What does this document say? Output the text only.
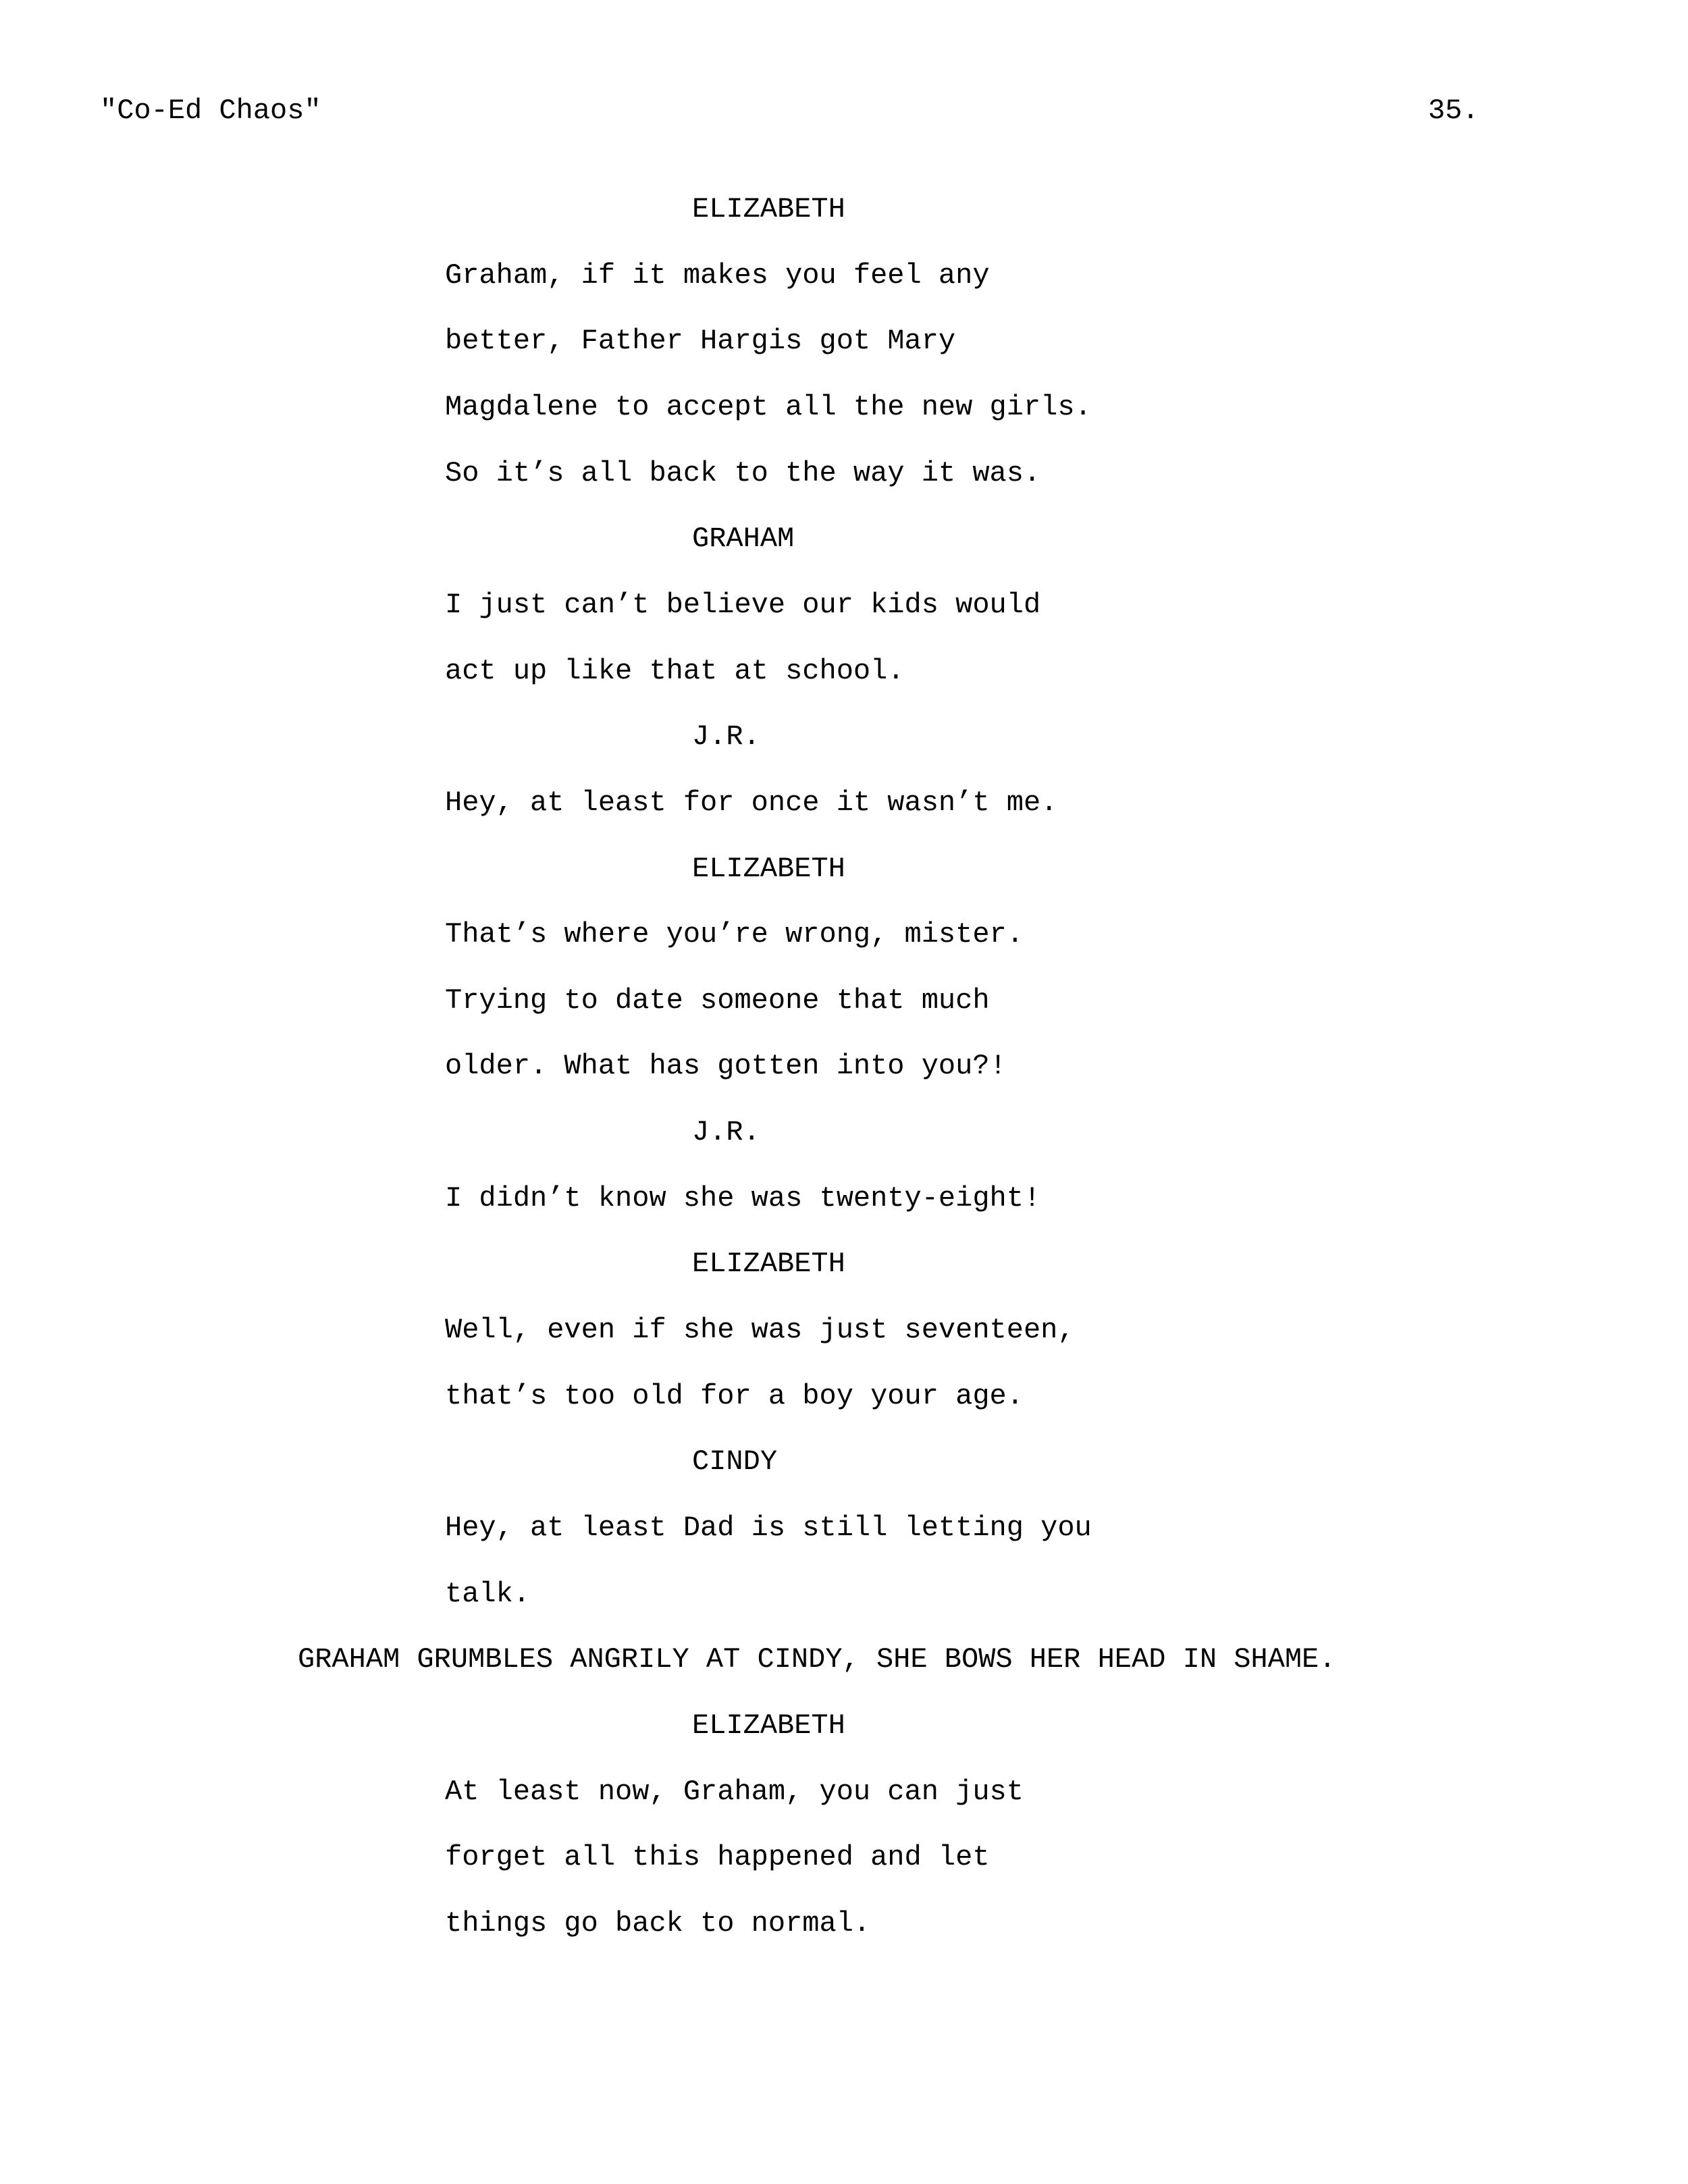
"Co-Ed Chaos"	35.
ELIZABETH
Graham, if it makes you feel any
better, Father Hargis got Mary
Magdalene to accept all the new girls.
So it’s all back to the way it was.
GRAHAM
I just can’t believe our kids would
act up like that at school.
J.R.
Hey, at least for once it wasn’t me.
ELIZABETH
That’s where you’re wrong, mister.
Trying to date someone that much
older. What has gotten into you?!
J.R.
I didn’t know she was twenty-eight!
ELIZABETH
Well, even if she was just seventeen,
that’s too old for a boy your age.
CINDY
Hey, at least Dad is still letting you
talk.
GRAHAM GRUMBLES ANGRILY AT CINDY, SHE BOWS HER HEAD IN SHAME.
ELIZABETH
At least now, Graham, you can just
forget all this happened and let
things go back to normal.
